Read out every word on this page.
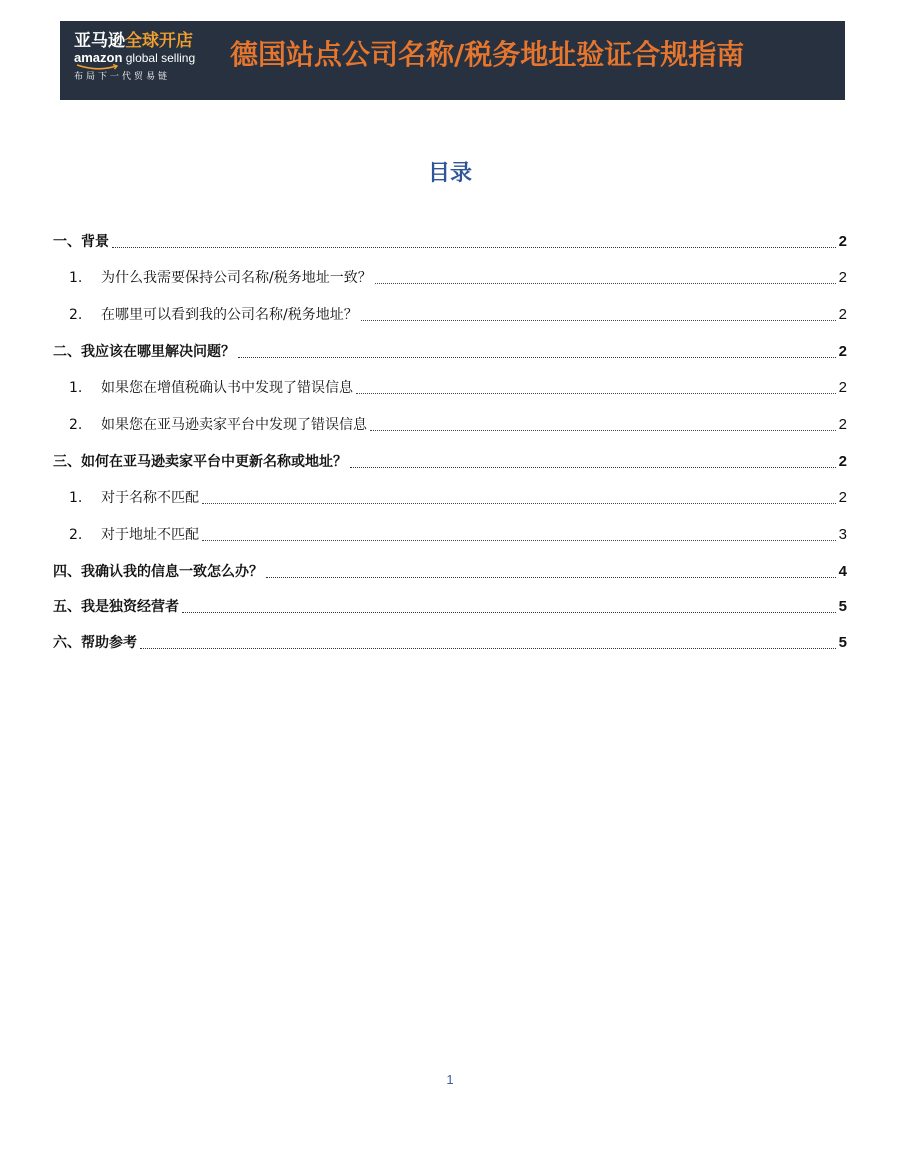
亚马逊全球开店
amazon global selling
布局下一代贸易链
德国站点公司名称/税务地址验证合规指南
目录
一、背景	2
1.	为什么我需要保持公司名称/税务地址一致？	2
2.	在哪里可以看到我的公司名称/税务地址？	2
二、我应该在哪里解决问题？	2
1.	如果您在增值税确认书中发现了错误信息	2
2.	如果您在亚马逊卖家平台中发现了错误信息	2
三、如何在亚马逊卖家平台中更新名称或地址？	2
1.	对于名称不匹配	2
2.	对于地址不匹配	3
四、我确认我的信息一致怎么办？	4
五、我是独资经营者	5
六、帮助参考	5
1
